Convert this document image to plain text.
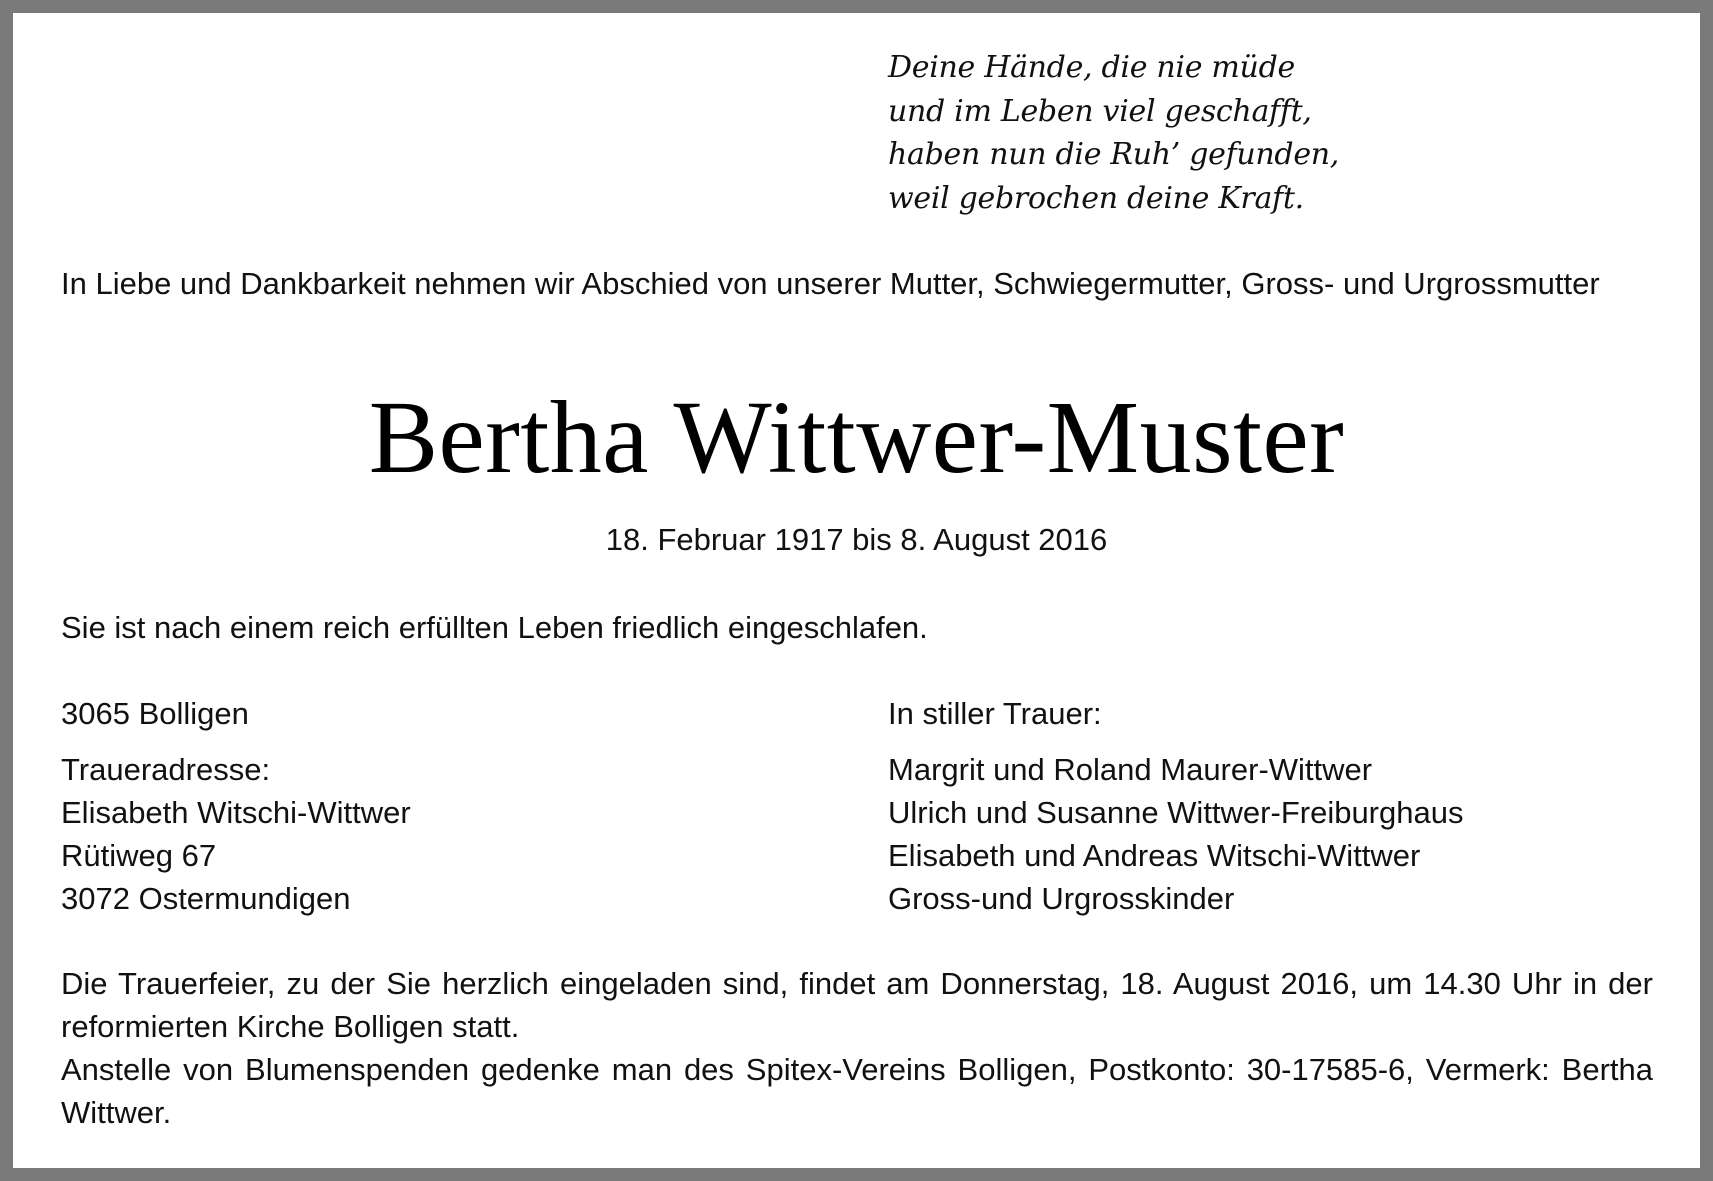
Deine Hände, die nie müde
und im Leben viel geschafft,
haben nun die Ruh’ gefunden,
weil gebrochen deine Kraft.
In Liebe und Dankbarkeit nehmen wir Abschied von unserer Mutter, Schwiegermutter, Gross- und Urgrossmutter
Bertha Wittwer-Muster
18. Februar 1917 bis 8. August 2016
Sie ist nach einem reich erfüllten Leben friedlich eingeschlafen.
3065 Bolligen
Traueradresse:
Elisabeth Witschi-Wittwer
Rütiweg 67
3072 Ostermundigen
In stiller Trauer:
Margrit und Roland Maurer-Wittwer
Ulrich und Susanne Wittwer-Freiburghaus
Elisabeth und Andreas Witschi-Wittwer
Gross-und Urgrosskinder

Die Trauerfeier, zu der Sie herzlich eingeladen sind, findet am Donnerstag, 18. August 2016, um 14.30 Uhr in der reformierten Kirche Bolligen statt.

Anstelle von Blumenspenden gedenke man des Spitex-Vereins Bolligen, Postkonto: 30-17585-6, Vermerk: Bertha Wittwer.
